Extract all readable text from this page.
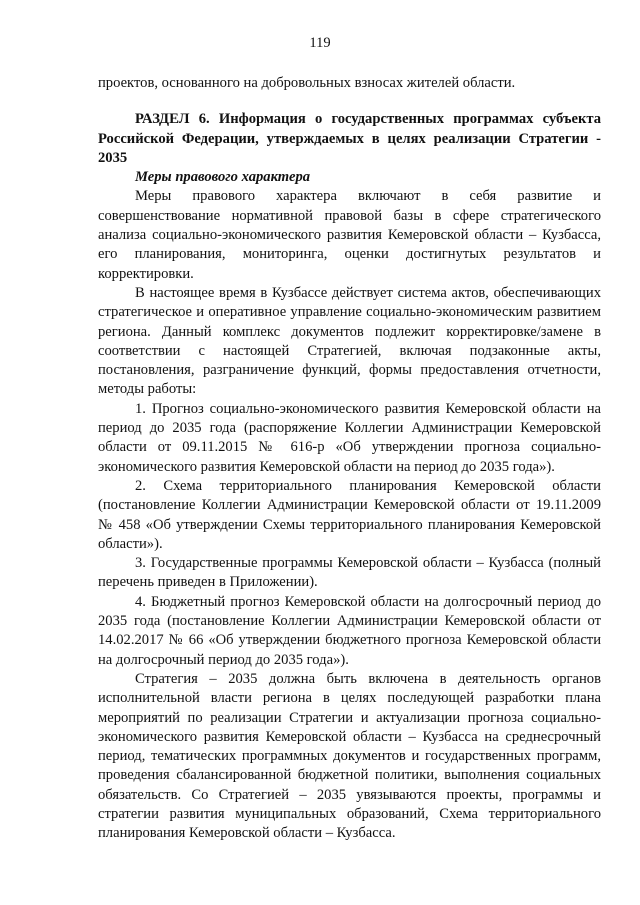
119

проектов, основанного на добровольных взносах жителей области.

РАЗДЕЛ 6. Информация о государственных программах субъекта Российской Федерации, утверждаемых в целях реализации Стратегии - 2035

Меры правового характера

Меры правового характера включают в себя развитие и совершенствование нормативной правовой базы в сфере стратегического анализа социально-экономического развития Кемеровской области – Кузбасса, его планирования, мониторинга, оценки достигнутых результатов и корректировки.

В настоящее время в Кузбассе действует система актов, обеспечивающих стратегическое и оперативное управление социально-экономическим развитием региона. Данный комплекс документов подлежит корректировке/замене в соответствии с настоящей Стратегией, включая подзаконные акты, постановления, разграничение функций, формы предоставления отчетности, методы работы:

1. Прогноз социально-экономического развития Кемеровской области на период до 2035 года (распоряжение Коллегии Администрации Кемеровской области от 09.11.2015 № 616-р «Об утверждении прогноза социально-экономического развития Кемеровской области на период до 2035 года»).

2. Схема территориального планирования Кемеровской области (постановление Коллегии Администрации Кемеровской области от 19.11.2009 № 458 «Об утверждении Схемы территориального планирования Кемеровской области»).

3. Государственные программы Кемеровской области – Кузбасса (полный перечень приведен в Приложении).

4. Бюджетный прогноз Кемеровской области на долгосрочный период до 2035 года (постановление Коллегии Администрации Кемеровской области от 14.02.2017 № 66 «Об утверждении бюджетного прогноза Кемеровской области на долгосрочный период до 2035 года»).

Стратегия – 2035 должна быть включена в деятельность органов исполнительной власти региона в целях последующей разработки плана мероприятий по реализации Стратегии и актуализации прогноза социально-экономического развития Кемеровской области – Кузбасса на среднесрочный период, тематических программных документов и государственных программ, проведения сбалансированной бюджетной политики, выполнения социальных обязательств. Со Стратегией – 2035 увязываются проекты, программы и стратегии развития муниципальных образований, Схема территориального планирования Кемеровской области – Кузбасса.
